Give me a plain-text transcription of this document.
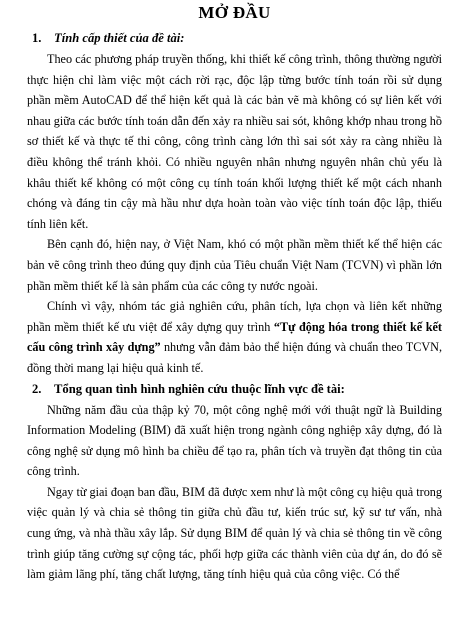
MỞ ĐẦU
1. Tính cấp thiết của đề tài:

Theo các phương pháp truyền thống, khi thiết kế công trình, thông thường người thực hiện chỉ làm việc một cách rời rạc, độc lập từng bước tính toán rồi sử dụng phần mềm AutoCAD để thể hiện kết quả là các bản vẽ mà không có sự liên kết với nhau giữa các bước tính toán dẫn đến xảy ra nhiều sai sót, không khớp nhau trong hồ sơ thiết kế và thực tế thi công, công trình càng lớn thì sai sót xảy ra càng nhiều là điều không thể tránh khỏi. Có nhiều nguyên nhân nhưng nguyên nhân chủ yếu là khâu thiết kế không có một công cụ tính toán khối lượng thiết kế một cách nhanh chóng và đáng tin cậy mà hầu như dựa hoàn toàn vào việc tính toán độc lập, thiếu tính liên kết.

Bên cạnh đó, hiện nay, ở Việt Nam, khó có một phần mềm thiết kế thể hiện các bản vẽ công trình theo đúng quy định của Tiêu chuẩn Việt Nam (TCVN) vì phần lớn phần mềm thiết kế là sản phẩm của các công ty nước ngoài.

Chính vì vậy, nhóm tác giả nghiên cứu, phân tích, lựa chọn và liên kết những phần mềm thiết kế ưu việt để xây dựng quy trình “Tự động hóa trong thiết kế kết cấu công trình xây dựng” nhưng vẫn đảm bảo thể hiện đúng và chuẩn theo TCVN, đồng thời mang lại hiệu quả kinh tế.

2. Tổng quan tình hình nghiên cứu thuộc lĩnh vực đề tài:

Những năm đầu của thập kỷ 70, một công nghệ mới với thuật ngữ là Building Information Modeling (BIM) đã xuất hiện trong ngành công nghiệp xây dựng, đó là công nghệ sử dụng mô hình ba chiều để tạo ra, phân tích và truyền đạt thông tin của công trình.

Ngay từ giai đoạn ban đầu, BIM đã được xem như là một công cụ hiệu quả trong việc quản lý và chia sẻ thông tin giữa chủ đầu tư, kiến trúc sư, kỹ sư tư vấn, nhà cung ứng, và nhà thầu xây lắp. Sử dụng BIM để quản lý và chia sẻ thông tin về công trình giúp tăng cường sự cộng tác, phối hợp giữa các thành viên của dự án, do đó sẽ làm giảm lãng phí, tăng chất lượng, tăng tính hiệu quả của công việc. Có thể
